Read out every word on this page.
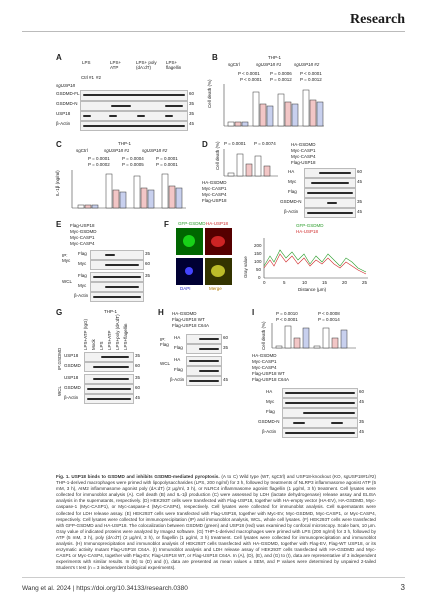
Research
A
LPS	LPS+ ATP
LPS+ poly (dA:dT)
LPS+ flagellin
sgUSP18
Ctrl #1 #2
GSDMD-FL
GSDMD-N
USP18
β-Actin
60
35
35
45
B	THP-1
sgCtrl	sgUSP18 #1	sgUSP18 #2
Cell death (%)
P < 0.0001
P < 0.0001
P = 0.0006
P = 0.0012
P < 0.0001
P = 0.0012
C	THP-1
sgCtrl	sgUSP18 #1	sgUSP18 #2
IL-1β (ng/ml)
P = 0.0001
P = 0.0002
P = 0.0004
P = 0.0005
P = 0.0001
P = 0.0001
D Cell death (%) P = 0.0001 P = 0.0074
HA-GSDMD
Myc-CASP1
Myc-CASP4
Flag-USP18
HA-GSDMD
Myc-CASP1
Myc-CASP4
Flag-USP18
HA
Myc
Flag
GSDMD-N
β-Actin
60
45
35
45
E Flag-USP18
Myc-GSDMD
Myc-CASP1
Myc-CASP4
IP: Myc
WCL
Flag
Myc
Flag
Myc
β-Actin
35
60
35
F GFP-GSDMD HA-USP18
DAPI	Merge
GFP-GSDMD
HA-USP18
Gray value 0
50
100
150
200
0	5	10	15	20	25
Distance (μm)
G	THP-1
LPS+ATP (IgG) Mock LPS LPS+ATP LPS+poly (dA:dT) LPS+flagellin
IP:GSDMD
WCL
USP18
GSDMD
USP18
GSDMD
β-Actin
35
60
35
60
45
H HA-GSDMD
Flag-USP18 WT
Flag-USP18 C64A
IP: Flag
WCL
HA
Flag
HA
Flag
β-Actin
60
35
45
I
Cell death (%)
P = 0.0010
P < 0.0001
P < 0.0008
P = 0.0014
HA-GSDMD
Myc-CASP1
Myc-CASP4
Flag-USP18 WT
Flag-USP18 C64A
HA
Myc
Flag
GSDMD-N
β-Actin
60
45
35
45
Fig. 1. USP18 binds to GSDMD and inhibits GSDMD-mediated pyroptosis. (A to C) Wild type (WT, sgCtrl) and USP18-knockout (KO, sgUSP18#1/#2) THP-1-derived macrophages were primed with lipopolysaccharides (LPS, 200 ng/ml) for 3 h, followed by treatments of NLRP3 inflammasome agonist ATP (5 mM, 3 h), AIM2 inflammasome agonist poly (dA:dT) (2 μg/ml, 3 h), or NLRC4 inflammasome agonist flagellin (1 μg/ml, 3 h) treatment. Cell lysates were collected for immunoblot analysis (A). Cell death (B) and IL-1β production (C) were assessed by LDH (lactate dehydrogenase) release assay and ELISA analysis in the supernatants, respectively. (D) HEK293T cells were transfected with Flag-USP18, together with HA-empty vector (HA-EV), HA-GSDMD, Myc-caspase-1 (Myc-CASP1), or Myc-caspase-4 (Myc-CASP4), respectively. Cell lysates were collected for immunoblot analysis. Cell supernatants were collected for LDH release assay. (E) HEK293T cells were transfected with Flag-USP18, together with Myc-EV, Myc-GSDMD, Myc-CASP1, or Myc-CASP4, respectively. Cell lysates were collected for immunoprecipitation (IP) and immunoblot analysis, WCL, whole cell lysates. (F) HEK293T cells were transfected with GFP-GSDMD and HA-USP18. The colocalization between GSDMD (green) and USP18 (red) was examined by confocal microscopy. Scale bars, 10 μm. Gray value of indicated proteins were analyzed by ImageJ software. (G) THP-1-derived macrophages were primed with LPS (200 ng/ml) for 3 h, followed by ATP (5 mM, 3 h), poly (dA:dT) (2 μg/ml, 3 h), or flagellin (1 μg/ml, 3 h) treatment. Cell lysates were collected for immunoprecipitation and immunoblot analysis. (H) Immunoprecipitation and immunoblot analysis of HEK293T cells transfected with HA-GSDMD, together with Flag-EV, Flag-WT USP18, or its enzymatic activity mutant Flag-USP18 C64A. (I) Immunoblot analysis and LDH release assay of HEK293T cells transfected with HA-GSDMD and Myc-CASP1 or Myc-CASP4, together with Flag-EV, Flag-USP18 WT, or Flag-USP18 C64A. In (A), (D), (E), and (G) to (I), data are representative of 3 independent experiments with similar results. In (B) to (D) and (I), data are presented as mean values ± SEM, and P values were determined by unpaired 2-tailed Student’s t test (n = 3 independent biological experiments).
Wang et al. 2024 | https://doi.org/10.34133/research.0380	3
